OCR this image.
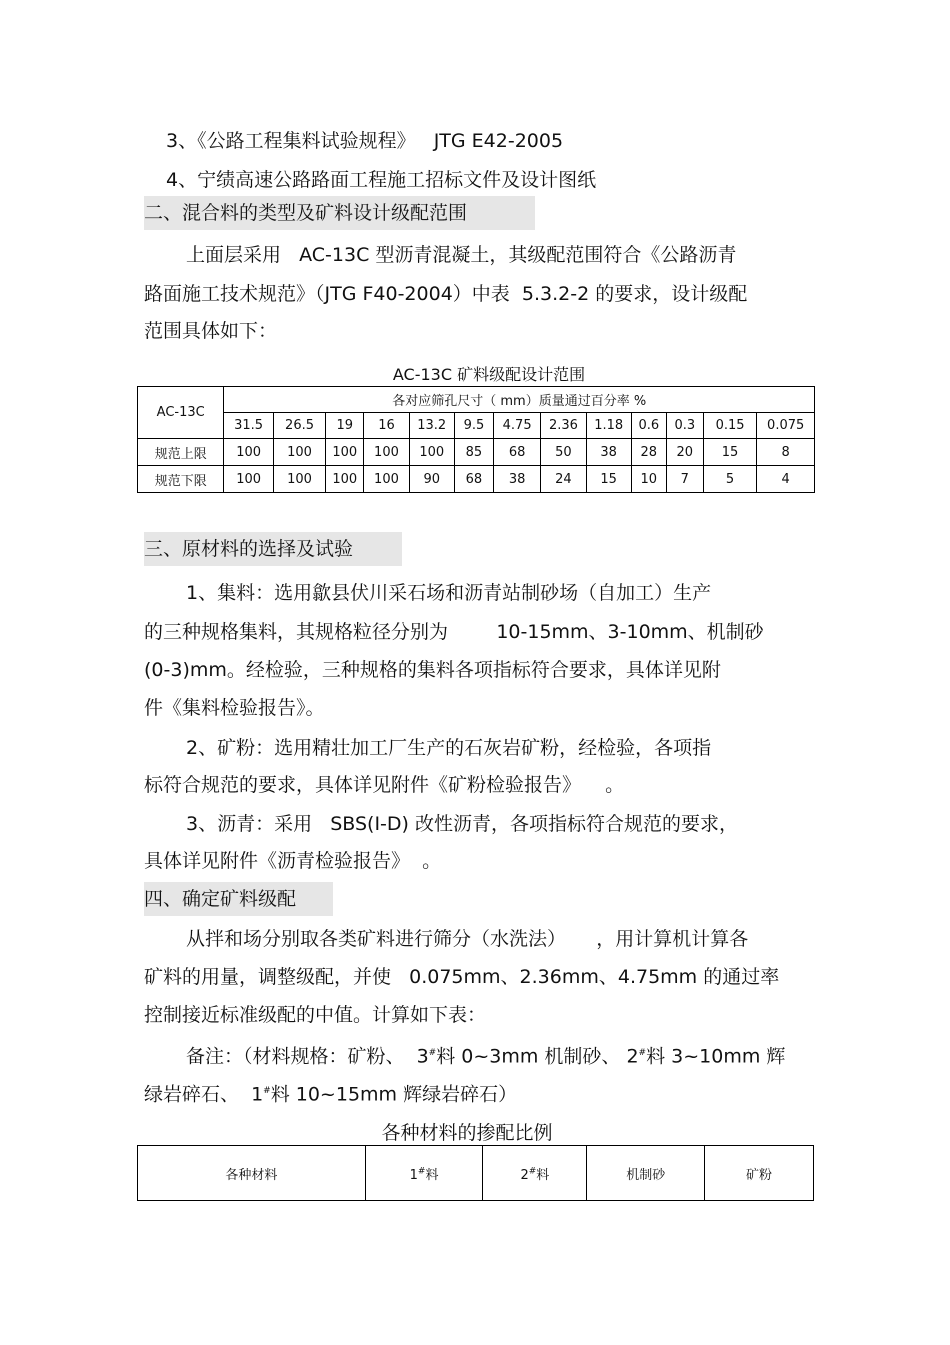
3、《公路工程集料试验规程》   JTG E42-2005
4、宁绩高速公路路面工程施工招标文件及设计图纸
二、混合料的类型及矿料设计级配范围
上面层采用   AC-13C 型沥青混凝土，其级配范围符合《公路沥青
路面施工技术规范》（JTG F40-2004）中表  5.3.2-2 的要求，设计级配
范围具体如下：
AC-13C 矿料级配设计范围
AC-13C	各对应筛孔尺寸（ mm）质量通过百分率 %												
	31.5	26.5	19	16	13.2	9.5	4.75	2.36	1.18	0.6	0.3	0.15	0.075
规范上限	100	100	100	100	100	85	68	50	38	28	20	15	8
规范下限	100	100	100	100	90	68	38	24	15	10	7	5	4
三、原材料的选择及试验
1、集料：选用歙县伏川采石场和沥青站制砂场（自加工）生产
的三种规格集料，其规格粒径分别为        10-15mm、3-10mm、机制砂
(0-3)mm。经检验，三种规格的集料各项指标符合要求，具体详见附
件《集料检验报告》。
2、矿粉：选用精壮加工厂生产的石灰岩矿粉，经检验，各项指
标符合规范的要求，具体详见附件《矿粉检验报告》    。
3、沥青：采用   SBS(I-D) 改性沥青，各项指标符合规范的要求，
具体详见附件《沥青检验报告》  。
四、确定矿料级配
从拌和场分别取各类矿料进行筛分（水洗法）     ，用计算机计算各
矿料的用量，调整级配，并使   0.075mm、2.36mm、4.75mm 的通过率
控制接近标准级配的中值。计算如下表：
备注：（材料规格：矿粉、  3#料 0~3mm 机制砂、 2#料 3~10mm 辉
绿岩碎石、  1#料 10~15mm 辉绿岩碎石）
各种材料的掺配比例
各种材料	1#料	2#料	机制砂	矿粉
